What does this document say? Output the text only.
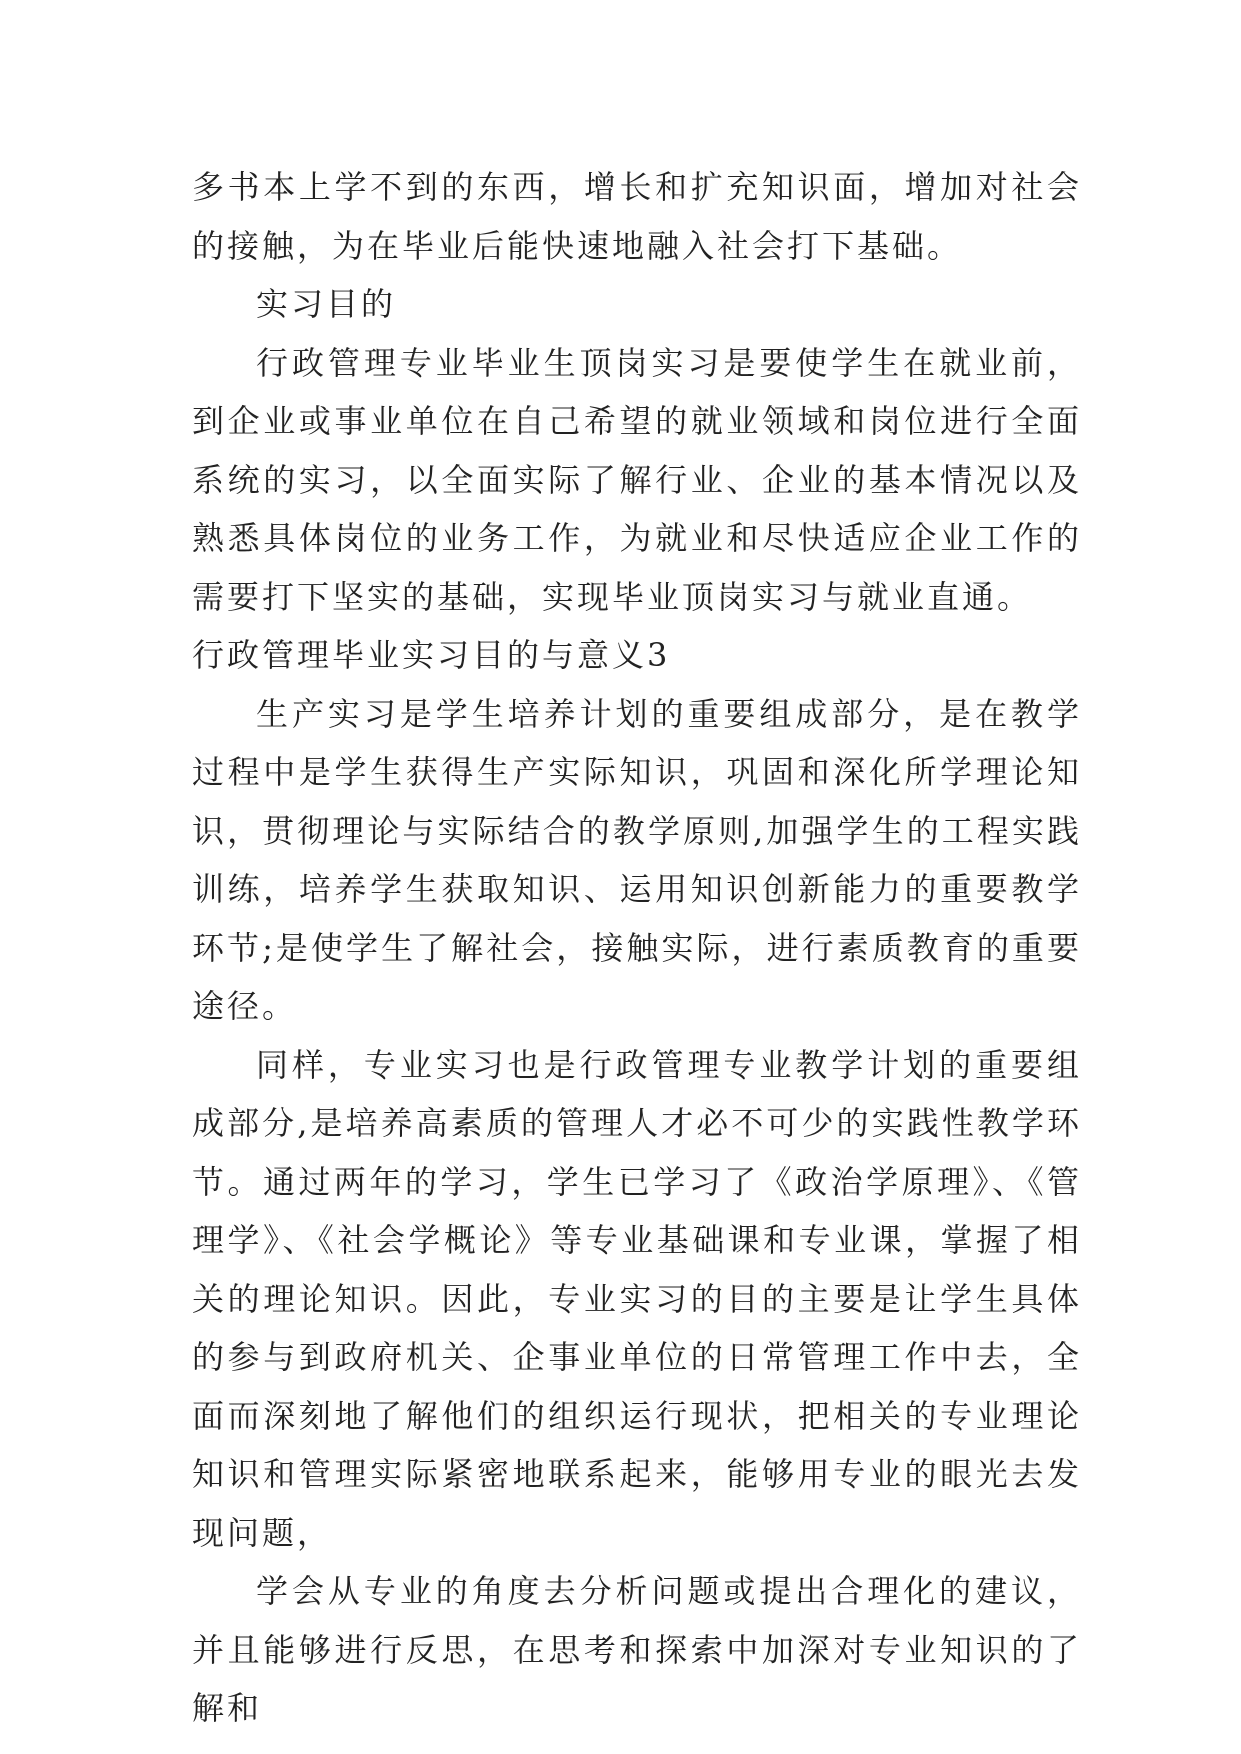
多书本上学不到的东西，增长和扩充知识面，增加对社会的接触，为在毕业后能快速地融入社会打下基础。

实习目的

行政管理专业毕业生顶岗实习是要使学生在就业前，到企业或事业单位在自己希望的就业领域和岗位进行全面系统的实习，以全面实际了解行业、企业的基本情况以及熟悉具体岗位的业务工作，为就业和尽快适应企业工作的需要打下坚实的基础，实现毕业顶岗实习与就业直通。

行政管理毕业实习目的与意义3

生产实习是学生培养计划的重要组成部分，是在教学过程中是学生获得生产实际知识，巩固和深化所学理论知识，贯彻理论与实际结合的教学原则,加强学生的工程实践训练，培养学生获取知识、运用知识创新能力的重要教学环节;是使学生了解社会，接触实际，进行素质教育的重要途径。

同样，专业实习也是行政管理专业教学计划的重要组成部分,是培养高素质的管理人才必不可少的实践性教学环节。通过两年的学习，学生已学习了《政治学原理》、《管理学》、《社会学概论》等专业基础课和专业课，掌握了相关的理论知识。因此，专业实习的目的主要是让学生具体的参与到政府机关、企事业单位的日常管理工作中去，全面而深刻地了解他们的组织运行现状，把相关的专业理论知识和管理实际紧密地联系起来，能够用专业的眼光去发现问题，

学会从专业的角度去分析问题或提出合理化的建议，并且能够进行反思，在思考和探索中加深对专业知识的了解和
